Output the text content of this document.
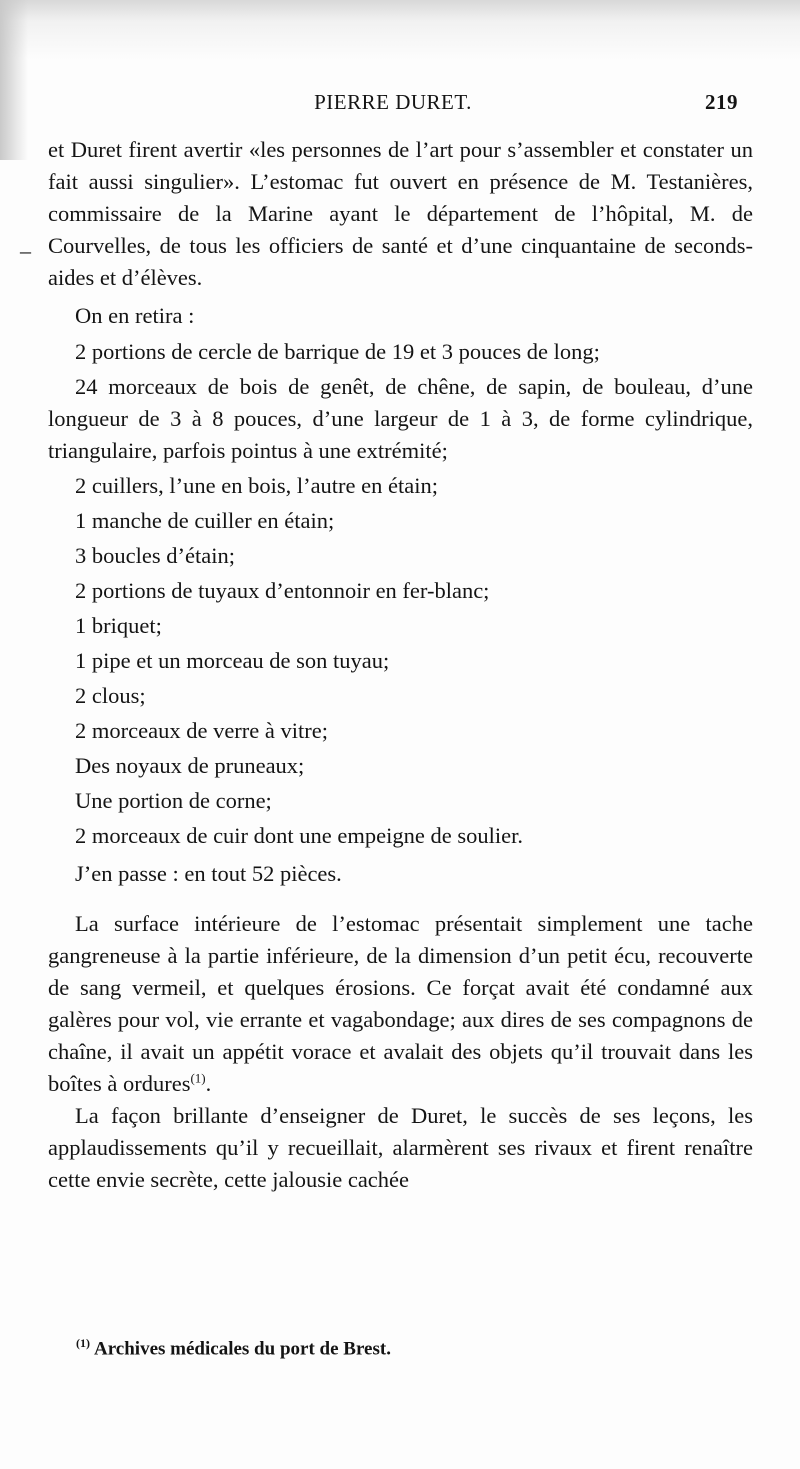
PIERRE DURET.	219
–

et Duret firent avertir «les personnes de l’art pour s’assembler et constater un fait aussi singulier». L’estomac fut ouvert en présence de M. Testanières, commissaire de la Marine ayant le département de l’hôpital, M. de Courvelles, de tous les officiers de santé et d’une cinquantaine de seconds-aides et d’élèves.

On en retira :

2 portions de cercle de barrique de 19 et 3 pouces de long;
24 morceaux de bois de genêt, de chêne, de sapin, de bouleau, d’une longueur de 3 à 8 pouces, d’une largeur de 1 à 3, de forme cylindrique, triangulaire, parfois pointus à une extrémité;
2 cuillers, l’une en bois, l’autre en étain;
1 manche de cuiller en étain;
3 boucles d’étain;
2 portions de tuyaux d’entonnoir en fer-blanc;
1 briquet;
1 pipe et un morceau de son tuyau;
2 clous;
2 morceaux de verre à vitre;
Des noyaux de pruneaux;
Une portion de corne;
2 morceaux de cuir dont une empeigne de soulier.

J’en passe : en tout 52 pièces.

La surface intérieure de l’estomac présentait simplement une tache gangreneuse à la partie inférieure, de la dimension d’un petit écu, recouverte de sang vermeil, et quelques érosions. Ce forçat avait été condamné aux galères pour vol, vie errante et vagabondage; aux dires de ses compagnons de chaîne, il avait un appétit vorace et avalait des objets qu’il trouvait dans les boîtes à ordures$^{(1)}$.

La façon brillante d’enseigner de Duret, le succès de ses leçons, les applaudissements qu’il y recueillait, alarmèrent ses rivaux et firent renaître cette envie secrète, cette jalousie cachée

$^{(1)}$ Archives médicales du port de Brest.
